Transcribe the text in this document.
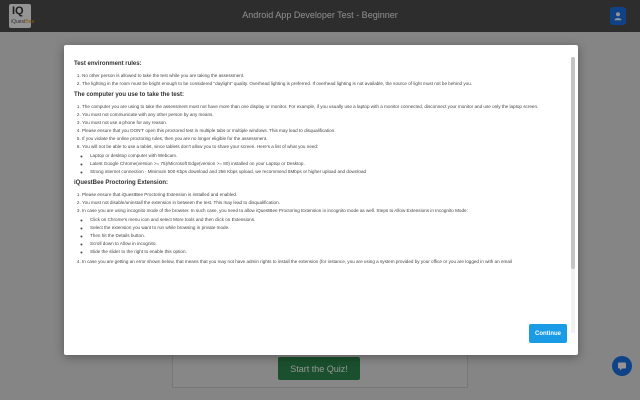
IQ
iQuestBee
Android App Developer Test - Beginner
Start the Quiz!
Test environment rules:
1. No other person is allowed to take the test while you are taking the assessment.
2. The lighting in the room must be bright enough to be considered "daylight" quality. Overhead lighting is preferred. If overhead lighting is not available, the source of light must not be behind you.
The computer you use to take the test:
1. The computer you are using to take the assessment must not have more than one display or monitor. For example, if you usually use a laptop with a monitor connected, disconnect your monitor and use only the laptop screen.
2. You must not communicate with any other person by any means.
3. You must not use a phone for any reason.
4. Please ensure that you DON'T open this proctored test in multiple tabs or multiple windows. This may lead to disqualification.
5. If you violate the online proctoring rules, then you are no longer eligible for the assessment.
6. You will not be able to use a tablet, since tablets don't allow you to share your screen. Here's a list of what you need:
◦ Laptop or desktop computer with Webcam.
◦ Latest Google Chrome(version >= 75)/Microsoft Edge(version >= 80) installed on your Laptop or Desktop.
◦ Strong internet connection - Minimum 500 Kbps download and 256 Kbps upload, we recommend 5Mbps or higher upload and download
iQuestBee Proctoring Extension:
1. Please ensure that iQuestBee Proctoring Extension is installed and enabled.
2. You must not disable/uninstall the extension in between the test. This may lead to disqualification.
3. In case you are using incognito mode of the browser. In such case, you need to allow iQuestBee Proctoring Extension in incognito mode as well. Steps to Allow Extensions in Incognito Mode:
◦ Click on Chrome's menu icon and select More tools and then click on Extensions.
◦ Select the extension you want to run while browsing in private mode.
◦ Then hit the Details button.
◦ Scroll down to Allow in incognito.
◦ Slide the slider to the right to enable this option.
4. In case you are getting an error shown below, that means that you may not have admin rights to install the extension (for instance, you are using a system provided by your office or you are logged in with an email
Continue
